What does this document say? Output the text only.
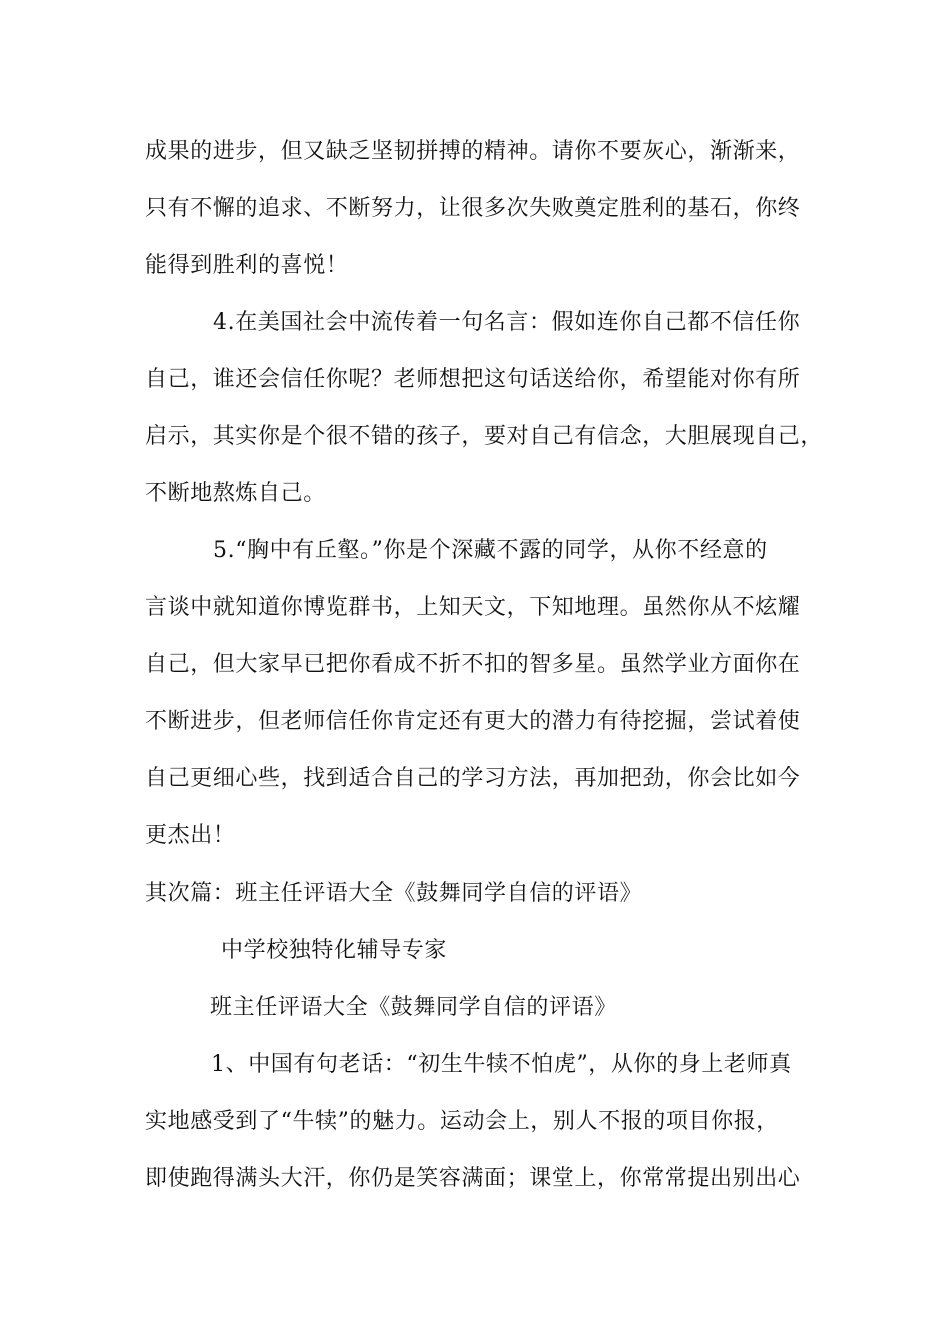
成果的进步，但又缺乏坚韧拼搏的精神。请你不要灰心，渐渐来，
只有不懈的追求、不断努力，让很多次失败奠定胜利的基石，你终
能得到胜利的喜悦！
4.在美国社会中流传着一句名言：假如连你自己都不信任你
自己，谁还会信任你呢？老师想把这句话送给你，希望能对你有所
启示，其实你是个很不错的孩子，要对自己有信念，大胆展现自己，
不断地熬炼自己。
5.“胸中有丘壑。”你是个深藏不露的同学，从你不经意的
言谈中就知道你博览群书，上知天文，下知地理。虽然你从不炫耀
自己，但大家早已把你看成不折不扣的智多星。虽然学业方面你在
不断进步，但老师信任你肯定还有更大的潜力有待挖掘，尝试着使
自己更细心些，找到适合自己的学习方法，再加把劲，你会比如今
更杰出！
其次篇：班主任评语大全《鼓舞同学自信的评语》
中学校独特化辅导专家
班主任评语大全《鼓舞同学自信的评语》
1、中国有句老话：“初生牛犊不怕虎”，从你的身上老师真
实地感受到了“牛犊”的魅力。运动会上，别人不报的项目你报，
即使跑得满头大汗，你仍是笑容满面；课堂上，你常常提出别出心
